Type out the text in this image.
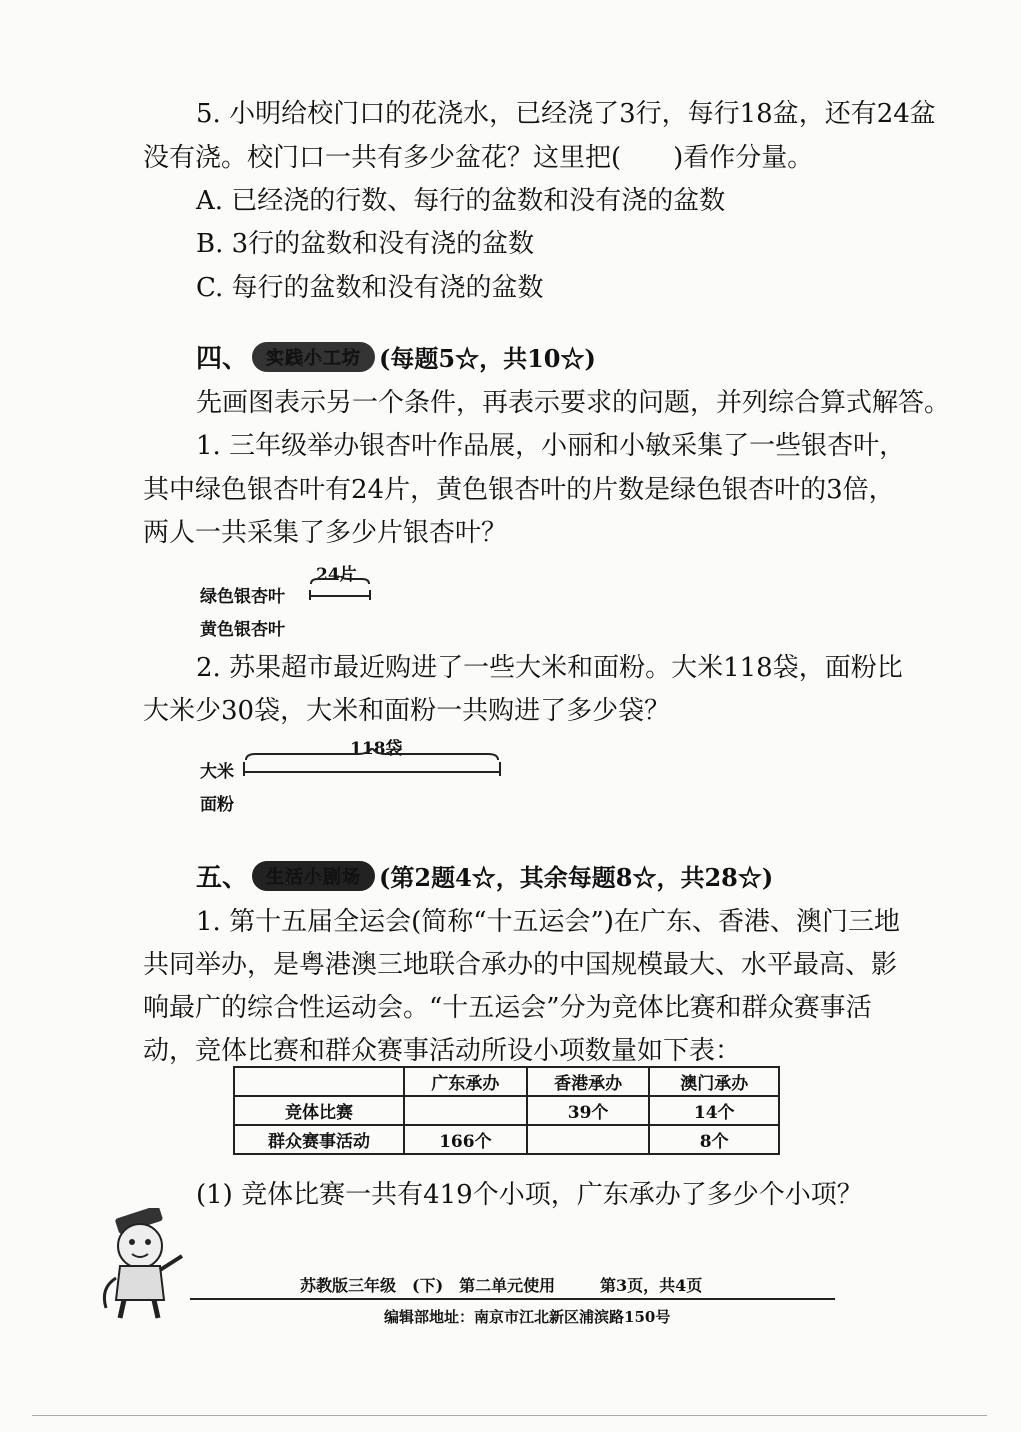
5. 小明给校门口的花浇水，已经浇了3行，每行18盆，还有24盆
没有浇。校门口一共有多少盆花？这里把(　　)看作分量。
A. 已经浇的行数、每行的盆数和没有浇的盆数
B. 3行的盆数和没有浇的盆数
C. 每行的盆数和没有浇的盆数
四、	实践小工坊 (每题5☆，共10☆)
先画图表示另一个条件，再表示要求的问题，并列综合算式解答。
1. 三年级举办银杏叶作品展，小丽和小敏采集了一些银杏叶，
其中绿色银杏叶有24片，黄色银杏叶的片数是绿色银杏叶的3倍，
两人一共采集了多少片银杏叶？
24片
绿色银杏叶
黄色银杏叶
2. 苏果超市最近购进了一些大米和面粉。大米118袋，面粉比
大米少30袋，大米和面粉一共购进了多少袋？
118袋
大米
面粉
五、	生活小剧场 (第2题4☆，其余每题8☆，共28☆)
1. 第十五届全运会(简称“十五运会”)在广东、香港、澳门三地
共同举办，是粤港澳三地联合承办的中国规模最大、水平最高、影
响最广的综合性运动会。“十五运会”分为竞体比赛和群众赛事活
动，竞体比赛和群众赛事活动所设小项数量如下表：
	广东承办	香港承办	澳门承办
竞体比赛		39个	14个
群众赛事活动	166个		8个
(1) 竞体比赛一共有419个小项，广东承办了多少个小项？
苏教版三年级　(下)　第二单元使用	第3页，共4页
编辑部地址：南京市江北新区浦滨路150号
